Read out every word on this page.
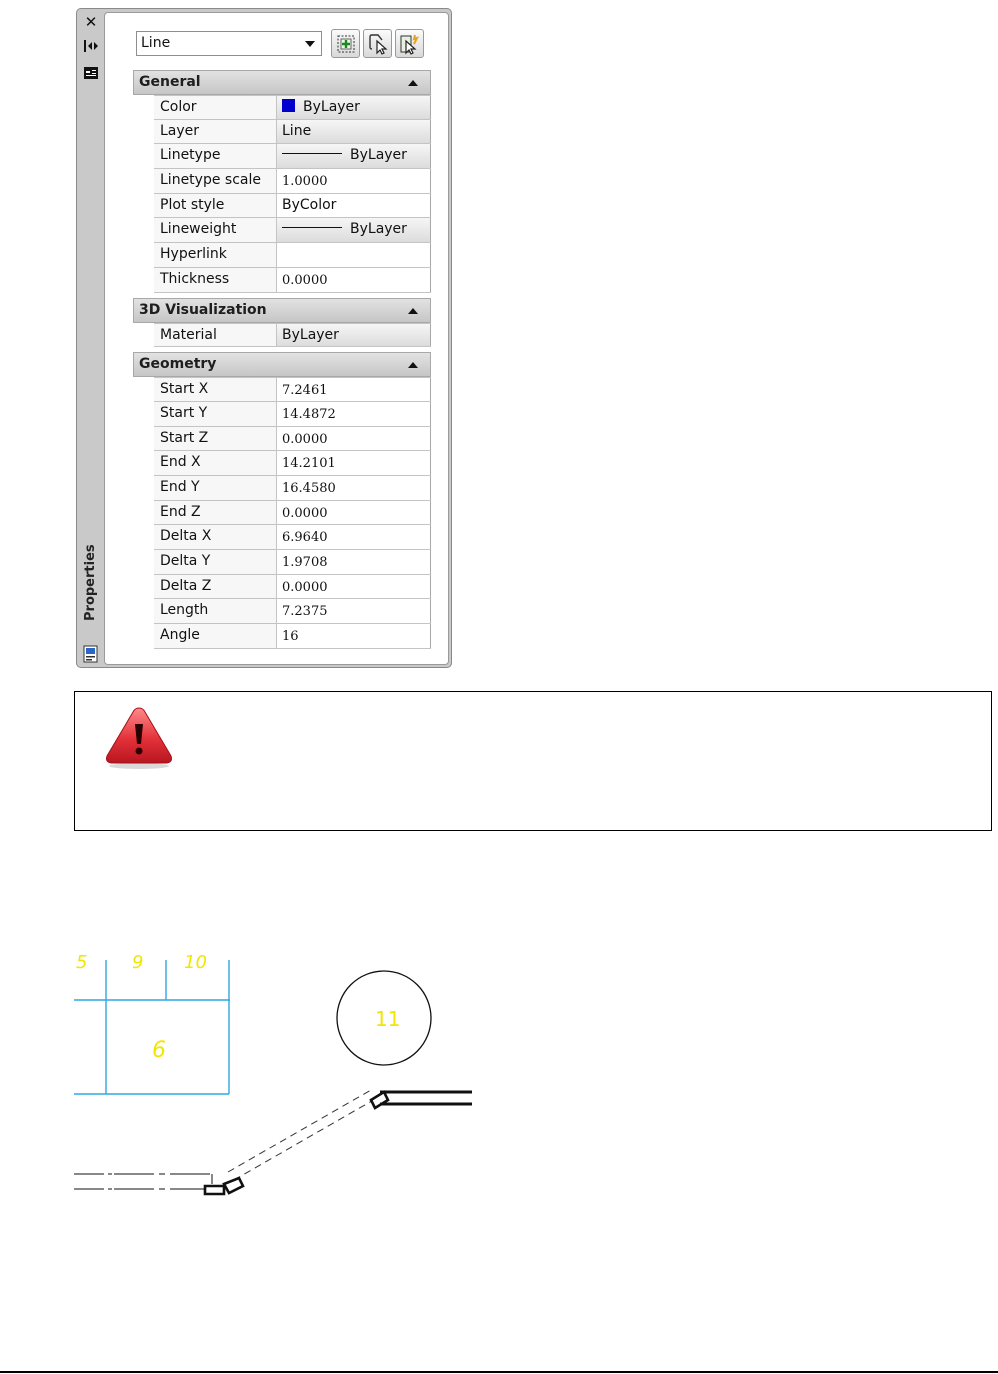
✕
Properties
Line
General
Color	ByLayer
Layer	Line
Linetype	ByLayer
Linetype scale	1.0000
Plot style	ByColor
Lineweight	ByLayer
Hyperlink
Thickness	0.0000
3D Visualization
Material	ByLayer
Geometry
Start X	7.2461
Start Y	14.4872
Start Z	0.0000
End X	14.2101
End Y	16.4580
End Z	0.0000
Delta X	6.9640
Delta Y	1.9708
Delta Z	0.0000
Length	7.2375
Angle	16
5 9 10
6
11
